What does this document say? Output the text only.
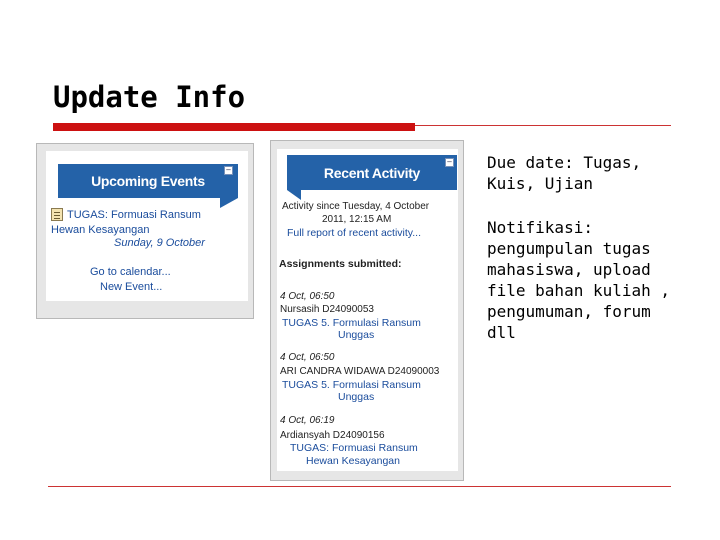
Update Info
Upcoming Events
–
TUGAS: Formuasi Ransum
Hewan Kesayangan
Sunday, 9 October
Go to calendar...
New Event...
Recent Activity
–
Activity since Tuesday, 4 October
2011, 12:15 AM
Full report of recent activity...
Assignments submitted:
4 Oct, 06:50
Nursasih D24090053
TUGAS 5. Formulasi Ransum
Unggas
4 Oct, 06:50
ARI CANDRA WIDAWA D24090003
TUGAS 5. Formulasi Ransum
Unggas
4 Oct, 06:19
Ardiansyah D24090156
TUGAS: Formuasi Ransum
Hewan Kesayangan
Due date: Tugas,
Kuis, Ujian
Notifikasi:
pengumpulan tugas
mahasiswa, upload
file bahan kuliah ,
pengumuman, forum
dll
